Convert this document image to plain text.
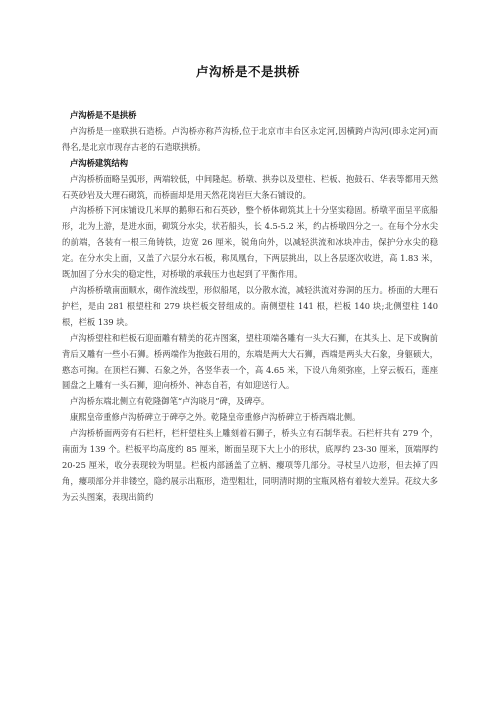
卢沟桥是不是拱桥

卢沟桥是不是拱桥

卢沟桥是一座联拱石造桥。卢沟桥亦称芦沟桥,位于北京市丰台区永定河,因横跨卢沟河(即永定河)而得名,是北京市现存古老的石造联拱桥。

卢沟桥建筑结构

卢沟桥桥面略呈弧形，两端较低，中间隆起。桥墩、拱券以及望柱、栏板、抱鼓石、华表等都用天然石英砂岩及大理石砌筑，而桥面却是用天然花岗岩巨大条石铺设的。

卢沟桥桥下河床铺设几米厚的鹅卵石和石英砂，整个桥体砌筑其上十分坚实稳固。桥墩平面呈平底船形，北为上游，是进水面，砌筑分水尖，状若船头，长 4.5-5.2 米，约占桥墩四分之一。在每个分水尖的前端，各装有一根三角铸铁，边宽 26 厘米，锐角向外，以减轻洪流和冰块冲击，保护分水尖的稳定。在分水尖上面，又盖了六层分水石板，称凤凰台，下两层挑出，以上各层逐次收进，高 1.83 米，既加固了分水尖的稳定性，对桥墩的承载压力也起到了平衡作用。

卢沟桥桥墩南面顺水，砌作流线型，形似船尾，以分散水流，减轻洪流对券洞的压力。桥面的大理石护栏，是由 281 根望柱和 279 块栏板交替组成的。南侧望柱 141 根，栏板 140 块;北侧望柱 140 根，栏板 139 块。

卢沟桥望柱和栏板石迎面雕有精美的花卉图案，望柱项端各雕有一头大石狮，在其头上、足下或胸前背后又雕有一些小石狮。桥两端作为抱鼓石用的，东端是两大大石狮，西端是两头大石象，身躯硕大，憨态可掬。在顶栏石狮、石象之外，各竖华表一个，高 4.65 米，下设八角须弥座，上穿云板石，莲座圆盘之上雕有一头石狮，迎向桥外、神态自若，有如迎送行人。

卢沟桥东端北侧立有乾隆御笔“卢沟晓月”碑，及碑亭。

康熙皇帝重修卢沟桥碑立于碑亭之外。乾隆皇帝重修卢沟桥碑立于桥西端北侧。

卢沟桥桥面两旁有石栏杆，栏杆望柱头上雕刻着石狮子，桥头立有石制华表。石栏杆共有 279 个，南面为 139 个。栏板平均高度约 85 厘米，断面呈现下大上小的形状，底厚约 23-30 厘米，顶端厚约 20-25 厘米，收分表现较为明显。栏板内部涵盖了立柄、瘿项等几部分。寻杖呈八边形，但去掉了四角，瘿项部分并非镂空，隐约展示出瓶形，造型粗壮，同明清时期的宝瓶风格有着较大差异。花纹大多为云头图案，表现出简约
